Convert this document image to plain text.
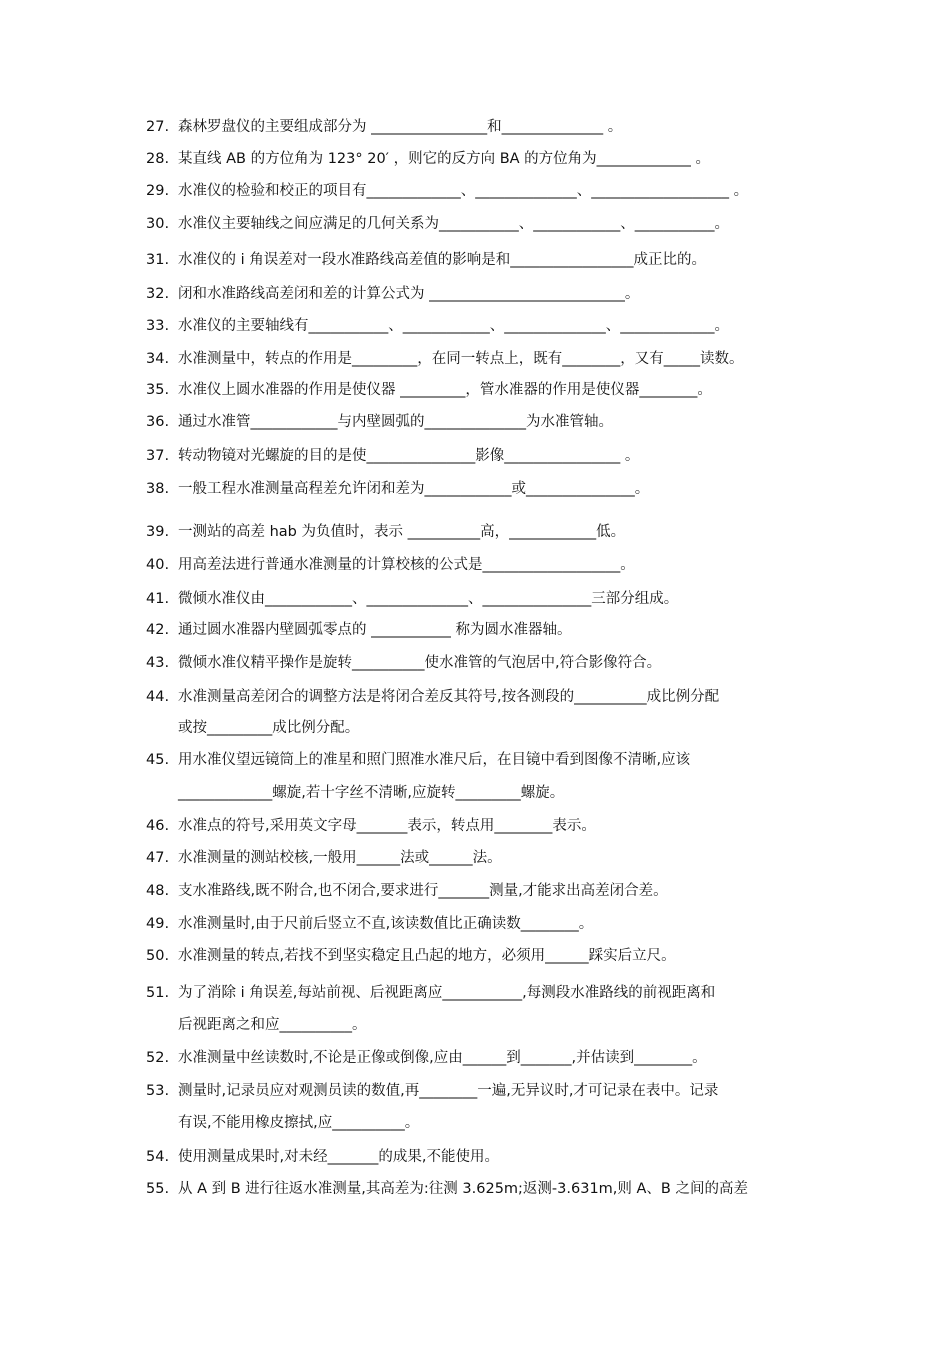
27. 森林罗盘仪的主要组成部分为 ________________和______________ 。
28. 某直线 AB 的方位角为 123° 20′ ，则它的反方向 BA 的方位角为_____________ 。
29. 水准仪的检验和校正的项目有_____________、______________、___________________ 。
30. 水准仪主要轴线之间应满足的几何关系为___________、____________、___________。
31. 水准仪的 i 角误差对一段水准路线高差值的影响是和_________________成正比的。
32. 闭和水准路线高差闭和差的计算公式为 ___________________________。
33. 水准仪的主要轴线有___________、____________、______________、_____________。
34. 水准测量中，转点的作用是_________，在同一转点上，既有________，又有_____读数。
35. 水准仪上圆水准器的作用是使仪器 _________，管水准器的作用是使仪器________。
36. 通过水准管____________与内壁圆弧的______________为水准管轴。
37. 转动物镜对光螺旋的目的是使_______________影像________________ 。
38. 一般工程水准测量高程差允许闭和差为____________或_______________。
39. 一测站的高差 hab 为负值时，表示 __________高，____________低。
40. 用高差法进行普通水准测量的计算校核的公式是___________________。
41. 微倾水准仪由____________、______________、_______________三部分组成。
42. 通过圆水准器内壁圆弧零点的 ___________ 称为圆水准器轴。
43. 微倾水准仪精平操作是旋转__________使水准管的气泡居中,符合影像符合。
44. 水准测量高差闭合的调整方法是将闭合差反其符号,按各测段的__________成比例分配
或按_________成比例分配。
45. 用水准仪望远镜筒上的准星和照门照准水准尺后，在目镜中看到图像不清晰,应该
_____________螺旋,若十字丝不清晰,应旋转_________螺旋。
46. 水准点的符号,采用英文字母_______表示，转点用________表示。
47. 水准测量的测站校核,一般用______法或______法。
48. 支水准路线,既不附合,也不闭合,要求进行_______测量,才能求出高差闭合差。
49. 水准测量时,由于尺前后竖立不直,该读数值比正确读数________。
50. 水准测量的转点,若找不到坚实稳定且凸起的地方，必须用______踩实后立尺。
51. 为了消除 i 角误差,每站前视、后视距离应___________,每测段水准路线的前视距离和
后视距离之和应__________。
52. 水准测量中丝读数时,不论是正像或倒像,应由______到_______,并估读到________。
53. 测量时,记录员应对观测员读的数值,再________一遍,无异议时,才可记录在表中。记录
有误,不能用橡皮擦拭,应__________。
54. 使用测量成果时,对未经_______的成果,不能使用。
55. 从 A 到 B 进行往返水准测量,其高差为:往测 3.625m;返测-3.631m,则 A、B 之间的高差
